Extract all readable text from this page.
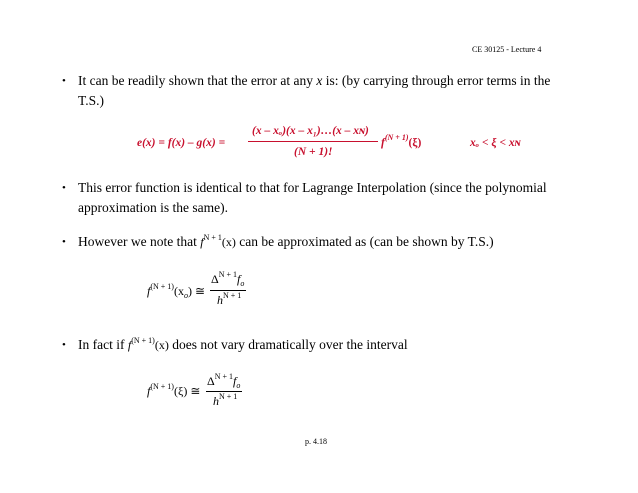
CE 30125 - Lecture 4
• It can be readily shown that the error at any x is: (by carrying through error terms in the
T.S.)
e(x) = f(x) – g(x) =
(x – xₒ)(x – x₁)…(x – xɴ)
(N + 1)!
$f^{(N + 1)}(\xi)$	xₒ < ξ < xɴ
• This error function is identical to that for Lagrange Interpolation (since the polynomial
approximation is the same).
• However we note that $f^{N + 1}(x)$ can be approximated as (can be shown by T.S.)
$f^{(N + 1)}(x_o)$ ≅
$\Delta^{N + 1}f_o$
$h^{N + 1}$
• In fact if $f^{(N + 1)}(x)$ does not vary dramatically over the interval
$f^{(N + 1)}(\xi)$ ≅
$\Delta^{N + 1}f_o$
$h^{N + 1}$
p. 4.18
